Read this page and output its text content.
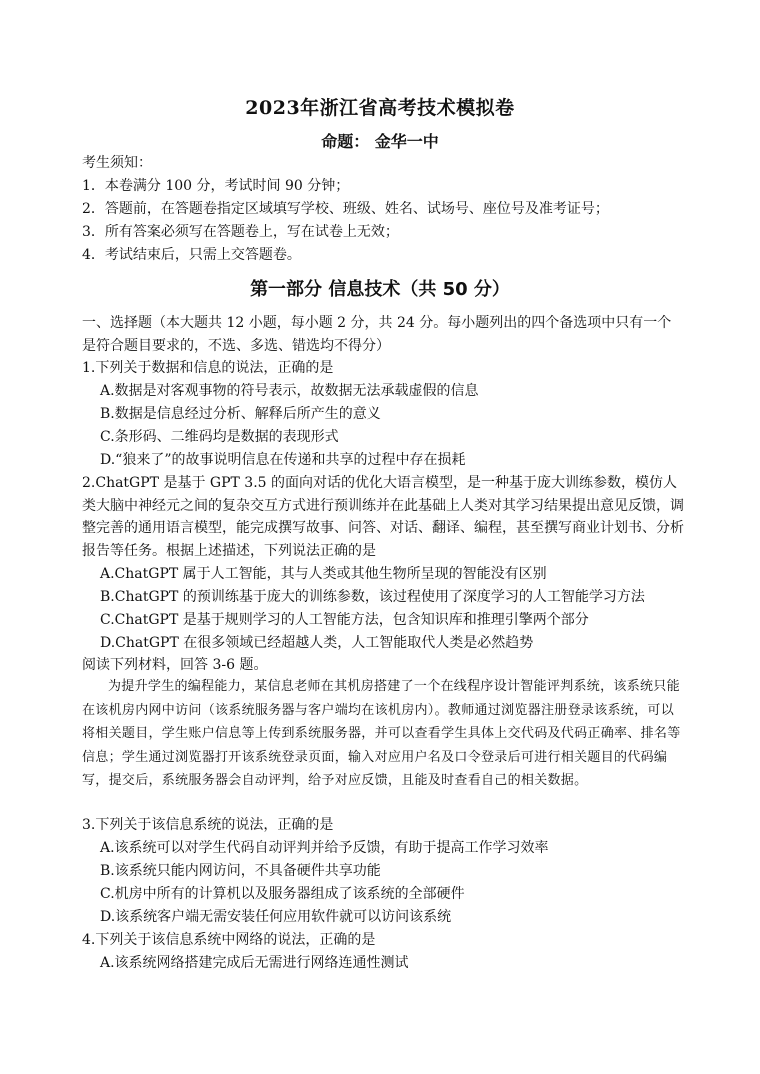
2023年浙江省高考技术模拟卷
命题： 金华一中
考生须知：
1．本卷满分 100 分，考试时间 90 分钟；
2．答题前，在答题卷指定区域填写学校、班级、姓名、试场号、座位号及准考证号；
3．所有答案必须写在答题卷上，写在试卷上无效；
4．考试结束后，只需上交答题卷。
第一部分 信息技术（共 50 分）
一、选择题（本大题共 12 小题，每小题 2 分，共 24 分。每小题列出的四个备选项中只有一个是符合题目要求的，不选、多选、错选均不得分）
1.下列关于数据和信息的说法，正确的是
A.数据是对客观事物的符号表示，故数据无法承载虚假的信息
B.数据是信息经过分析、解释后所产生的意义
C.条形码、二维码均是数据的表现形式
D.“狼来了”的故事说明信息在传递和共享的过程中存在损耗
2.ChatGPT 是基于 GPT 3.5 的面向对话的优化大语言模型，是一种基于庞大训练参数，模仿人类大脑中神经元之间的复杂交互方式进行预训练并在此基础上人类对其学习结果提出意见反馈，调整完善的通用语言模型，能完成撰写故事、问答、对话、翻译、编程，甚至撰写商业计划书、分析报告等任务。根据上述描述，下列说法正确的是
A.ChatGPT 属于人工智能，其与人类或其他生物所呈现的智能没有区别
B.ChatGPT 的预训练基于庞大的训练参数，该过程使用了深度学习的人工智能学习方法
C.ChatGPT 是基于规则学习的人工智能方法，包含知识库和推理引擎两个部分
D.ChatGPT 在很多领域已经超越人类，人工智能取代人类是必然趋势
阅读下列材料，回答 3-6 题。
为提升学生的编程能力，某信息老师在其机房搭建了一个在线程序设计智能评判系统，该系统只能在该机房内网中访问（该系统服务器与客户端均在该机房内）。教师通过浏览器注册登录该系统，可以将相关题目，学生账户信息等上传到系统服务器，并可以查看学生具体上交代码及代码正确率、排名等信息；学生通过浏览器打开该系统登录页面，输入对应用户名及口令登录后可进行相关题目的代码编写，提交后，系统服务器会自动评判，给予对应反馈，且能及时查看自己的相关数据。
3.下列关于该信息系统的说法，正确的是
A.该系统可以对学生代码自动评判并给予反馈，有助于提高工作学习效率
B.该系统只能内网访问，不具备硬件共享功能
C.机房中所有的计算机以及服务器组成了该系统的全部硬件
D.该系统客户端无需安装任何应用软件就可以访问该系统
4.下列关于该信息系统中网络的说法，正确的是
A.该系统网络搭建完成后无需进行网络连通性测试
